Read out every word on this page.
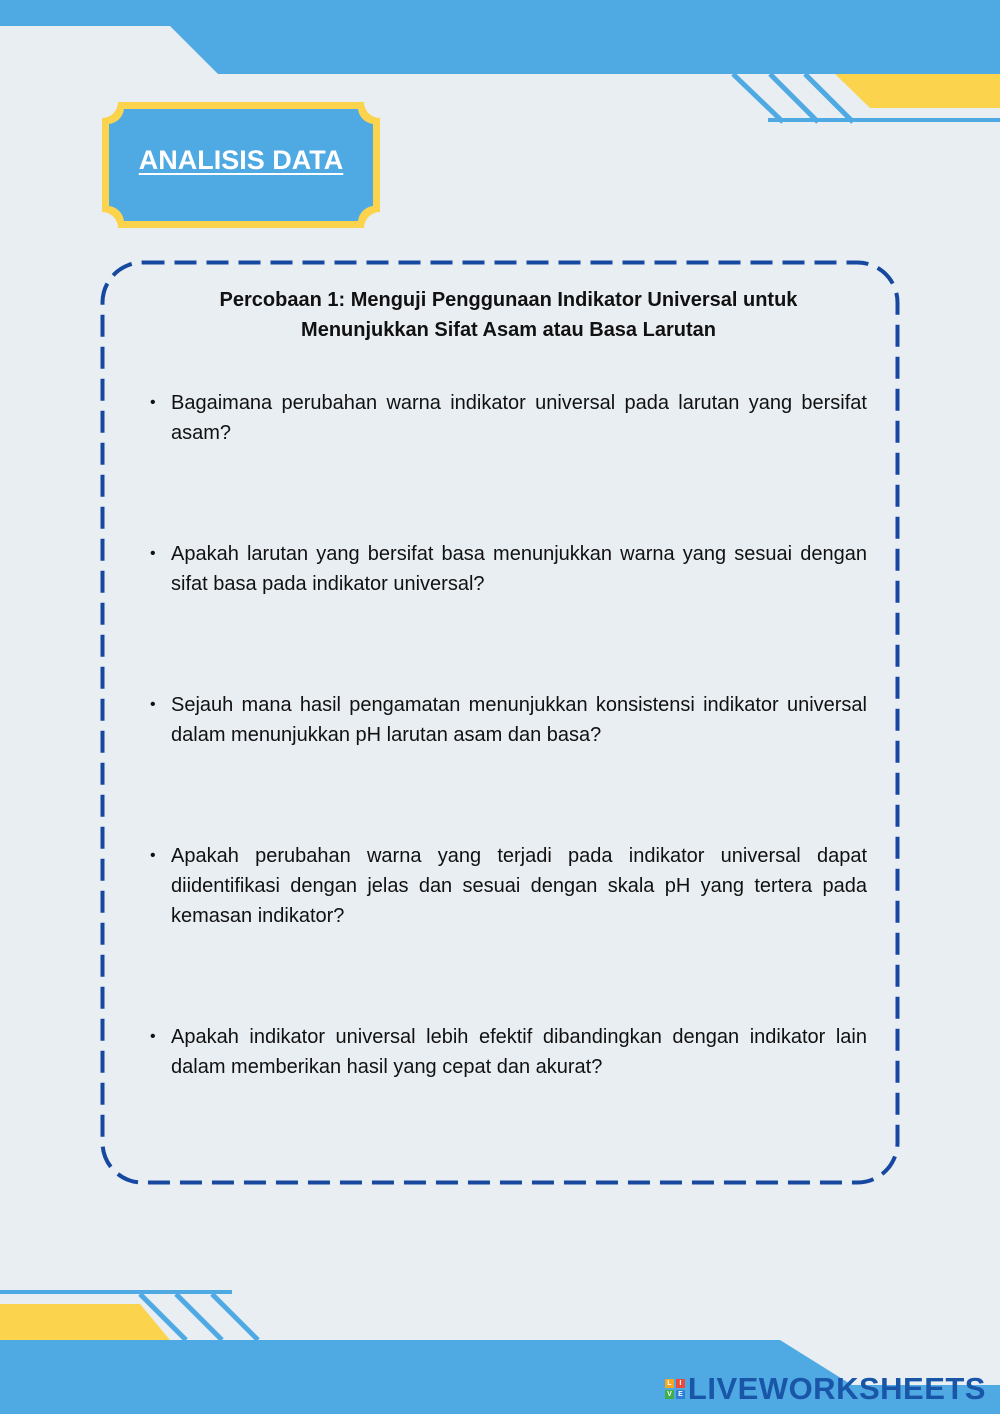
ANALISIS DATA
Percobaan 1: Menguji Penggunaan Indikator Universal untuk
Menunjukkan Sifat Asam atau Basa Larutan
• Bagaimana perubahan warna indikator universal pada larutan yang bersifat asam?
• Apakah larutan yang bersifat basa menunjukkan warna yang sesuai dengan sifat basa pada indikator universal?
• Sejauh mana hasil pengamatan menunjukkan konsistensi indikator universal dalam menunjukkan pH larutan asam dan basa?
• Apakah perubahan warna yang terjadi pada indikator universal dapat diidentifikasi dengan jelas dan sesuai dengan skala pH yang tertera pada kemasan indikator?
• Apakah indikator universal lebih efektif dibandingkan dengan indikator lain dalam memberikan hasil yang cepat dan akurat?
L	I
V E LIVEWORKSHEETS
